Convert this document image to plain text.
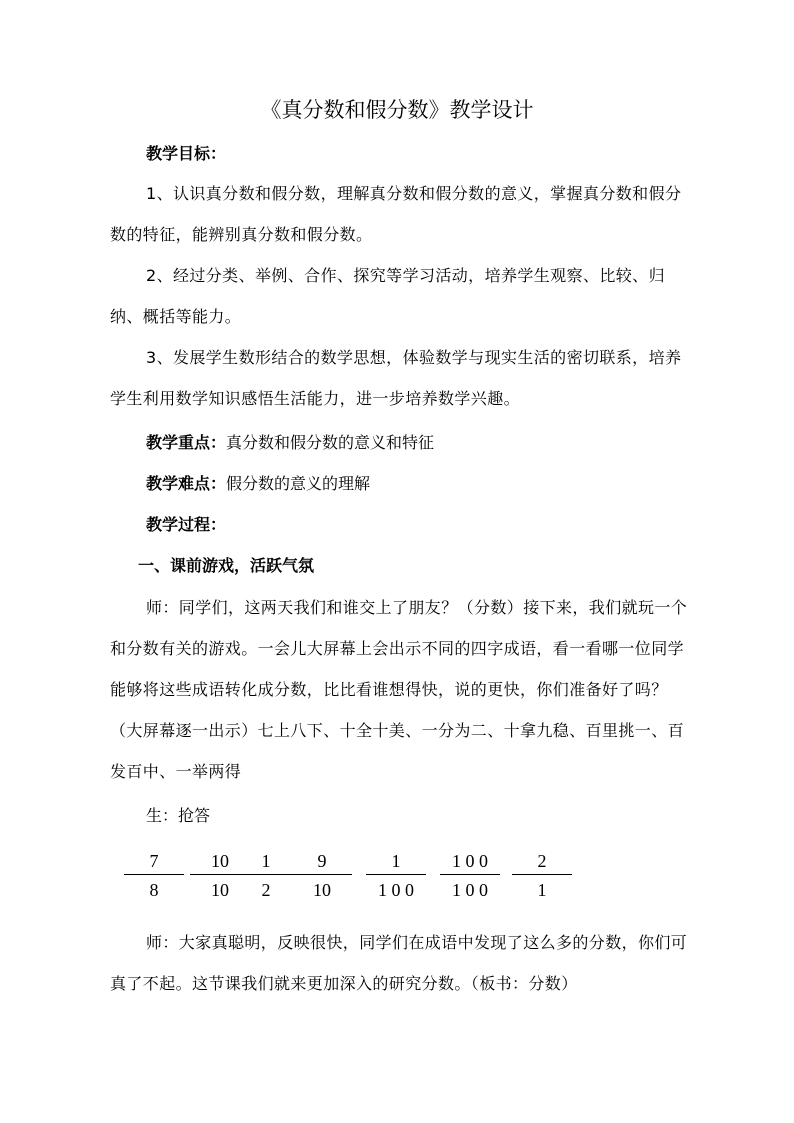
《真分数和假分数》教学设计
教学目标：
1、认识真分数和假分数，理解真分数和假分数的意义，掌握真分数和假分数的特征，能辨别真分数和假分数。
2、经过分类、举例、合作、探究等学习活动，培养学生观察、比较、归纳、概括等能力。
3、发展学生数形结合的数学思想，体验数学与现实生活的密切联系，培养学生利用数学知识感悟生活能力，进一步培养数学兴趣。
教学重点：真分数和假分数的意义和特征
教学难点：假分数的意义的理解
教学过程：
一、课前游戏，活跃气氛
师：同学们，这两天我们和谁交上了朋友？（分数）接下来，我们就玩一个和分数有关的游戏。一会儿大屏幕上会出示不同的四字成语，看一看哪一位同学能够将这些成语转化成分数，比比看谁想得快，说的更快，你们准备好了吗？　（大屏幕逐一出示）七上八下、十全十美、一分为二、十拿九稳、百里挑一、百发百中、一举两得
生：抢答
7
8
10
10
1
2
9
10
1
1 0 0
1 0 0
1 0 0
2
1
师：大家真聪明，反映很快，同学们在成语中发现了这么多的分数，你们可真了不起。这节课我们就来更加深入的研究分数。（板书：分数）
